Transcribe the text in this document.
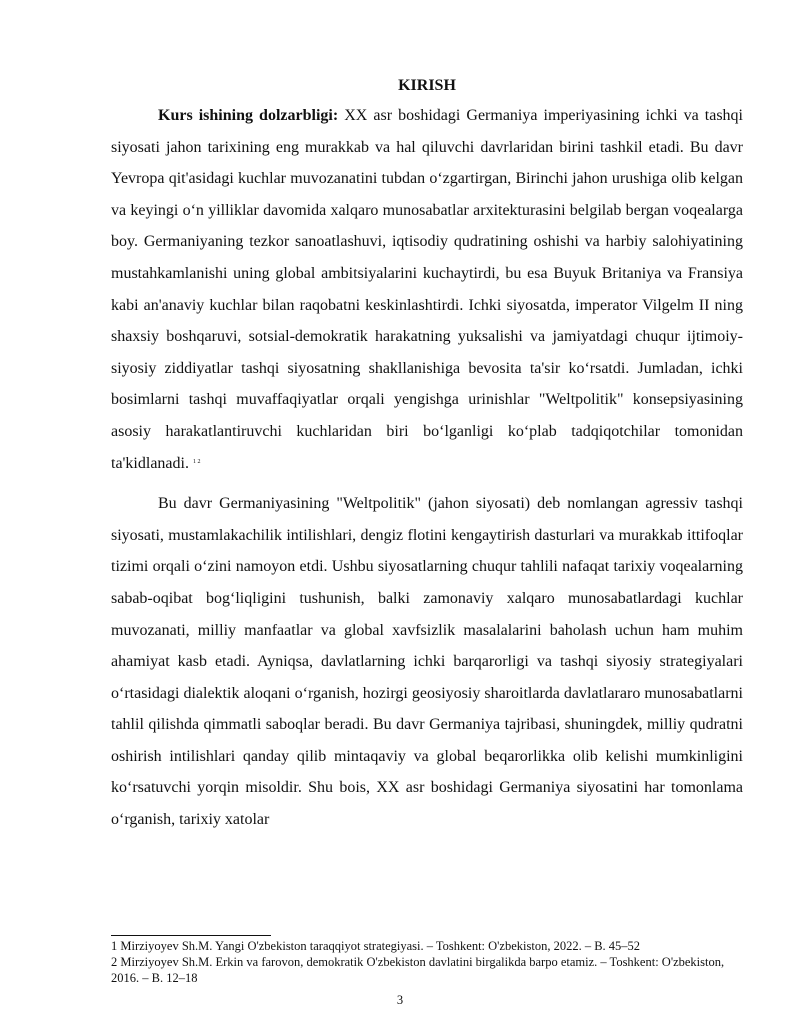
KIRISH

Kurs ishining dolzarbligi: XX asr boshidagi Germaniya imperiyasining ichki va tashqi siyosati jahon tarixining eng murakkab va hal qiluvchi davrlaridan birini tashkil etadi. Bu davr Yevropa qit'asidagi kuchlar muvozanatini tubdan o‘zgartirgan, Birinchi jahon urushiga olib kelgan va keyingi o‘n yilliklar davomida xalqaro munosabatlar arxitekturasini belgilab bergan voqealarga boy. Germaniyaning tezkor sanoatlashuvi, iqtisodiy qudratining oshishi va harbiy salohiyatining mustahkamlanishi uning global ambitsiyalarini kuchaytirdi, bu esa Buyuk Britaniya va Fransiya kabi an'anaviy kuchlar bilan raqobatni keskinlashtirdi. Ichki siyosatda, imperator Vilgelm II ning shaxsiy boshqaruvi, sotsial-demokratik harakatning yuksalishi va jamiyatdagi chuqur ijtimoiy-siyosiy ziddiyatlar tashqi siyosatning shakllanishiga bevosita ta'sir ko‘rsatdi. Jumladan, ichki bosimlarni tashqi muvaffaqiyatlar orqali yengishga urinishlar "Weltpolitik" konsepsiyasining asosiy harakatlantiruvchi kuchlaridan biri bo‘lganligi ko‘plab tadqiqotchilar tomonidan ta'kidlanadi. $^{1 2}$

Bu davr Germaniyasining "Weltpolitik" (jahon siyosati) deb nomlangan agressiv tashqi siyosati, mustamlakachilik intilishlari, dengiz flotini kengaytirish dasturlari va murakkab ittifoqlar tizimi orqali o‘zini namoyon etdi. Ushbu siyosatlarning chuqur tahlili nafaqat tarixiy voqealarning sabab-oqibat bog‘liqligini tushunish, balki zamonaviy xalqaro munosabatlardagi kuchlar muvozanati, milliy manfaatlar va global xavfsizlik masalalarini baholash uchun ham muhim ahamiyat kasb etadi. Ayniqsa, davlatlarning ichki barqarorligi va tashqi siyosiy strategiyalari o‘rtasidagi dialektik aloqani o‘rganish, hozirgi geosiyosiy sharoitlarda davlatlararo munosabatlarni tahlil qilishda qimmatli saboqlar beradi. Bu davr Germaniya tajribasi, shuningdek, milliy qudratni oshirish intilishlari qanday qilib mintaqaviy va global beqarorlikka olib kelishi mumkinligini ko‘rsatuvchi yorqin misoldir. Shu bois, XX asr boshidagi Germaniya siyosatini har tomonlama o‘rganish, tarixiy xatolar

1 Mirziyoyev Sh.M. Yangi O'zbekiston taraqqiyot strategiyasi. – Toshkent: O'zbekiston, 2022. – B. 45–52

2 Mirziyoyev Sh.M. Erkin va farovon, demokratik O'zbekiston davlatini birgalikda barpo etamiz. – Toshkent: O'zbekiston, 2016. – B. 12–18

3
